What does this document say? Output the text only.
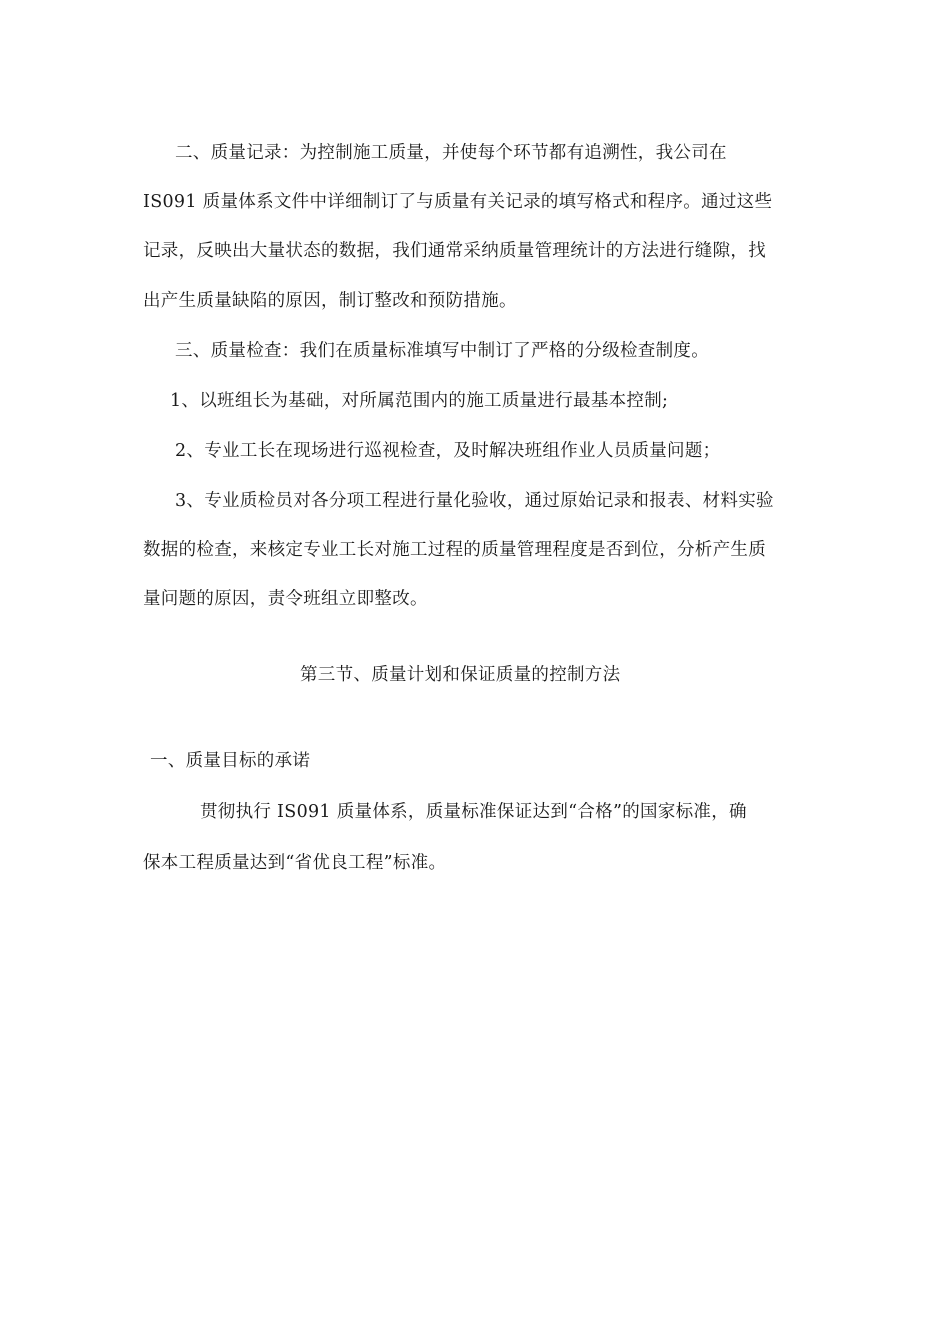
二、质量记录：为控制施工质量，并使每个环节都有追溯性，我公司在
IS091 质量体系文件中详细制订了与质量有关记录的填写格式和程序。通过这些
记录，反映出大量状态的数据，我们通常采纳质量管理统计的方法进行缝隙，找
出产生质量缺陷的原因，制订整改和预防措施。
三、质量检查：我们在质量标准填写中制订了严格的分级检查制度。
1、以班组长为基础，对所属范围内的施工质量进行最基本控制;
2、专业工长在现场进行巡视检查，及时解决班组作业人员质量问题；
3、专业质检员对各分项工程进行量化验收，通过原始记录和报表、材料实验
数据的检查，来核定专业工长对施工过程的质量管理程度是否到位，分析产生质
量问题的原因，责令班组立即整改。
第三节、质量计划和保证质量的控制方法
一、质量目标的承诺
贯彻执行 IS091 质量体系，质量标准保证达到“合格”的国家标准，确
保本工程质量达到“省优良工程”标准。
